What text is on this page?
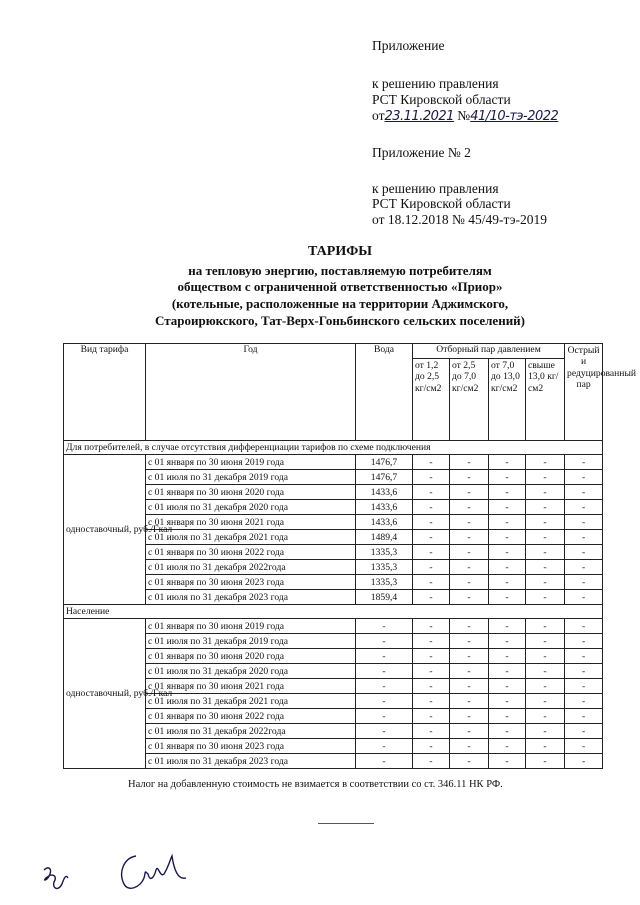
Приложение
к решению правления
РСТ Кировской области
от23.11.2021 №41/10-тэ-2022
Приложение № 2
к решению правления
РСТ Кировской области
от 18.12.2018 № 45/49-тэ-2019
ТАРИФЫ
на тепловую энергию, поставляемую потребителям
обществом с ограниченной ответственностью «Приор»
(котельные, расположенные на территории Аджимского,
Староирюкского, Тат-Верх-Гоньбинского сельских поселений)
Вид тарифа	Год	Вода	Отборный пар давлением				Острый и редуцированный пар
			от 1,2 до 2,5 кг/см2	от 2,5 до 7,0 кг/см2	от 7,0 до 13,0 кг/см2	свыше 13,0 кг/см2	
Для потребителей, в случае отсутствия дифференциации тарифов по схеме подключения							
одноставочный, руб./Гкал	с 01 января по 30 июня 2019 года	1476,7	-	-	-	-	-
	с 01 июля по 31 декабря 2019 года	1476,7	-	-	-	-	-
	с 01 января по 30 июня 2020 года	1433,6	-	-	-	-	-
	с 01 июля по 31 декабря 2020 года	1433,6	-	-	-	-	-
	с 01 января по 30 июня 2021 года	1433,6	-	-	-	-	-
	с 01 июля по 31 декабря 2021 года	1489,4	-	-	-	-	-
	с 01 января по 30 июня 2022 года	1335,3	-	-	-	-	-
	с 01 июля по 31 декабря 2022года	1335,3	-	-	-	-	-
	с 01 января по 30 июня 2023 года	1335,3	-	-	-	-	-
	с 01 июля по 31 декабря 2023 года	1859,4	-	-	-	-	-
Население							
одноставочный, руб./Гкал	с 01 января по 30 июня 2019 года	-	-	-	-	-	-
	с 01 июля по 31 декабря 2019 года	-	-	-	-	-	-
	с 01 января по 30 июня 2020 года	-	-	-	-	-	-
	с 01 июля по 31 декабря 2020 года	-	-	-	-	-	-
	с 01 января по 30 июня 2021 года	-	-	-	-	-	-
	с 01 июля по 31 декабря 2021 года	-	-	-	-	-	-
	с 01 января по 30 июня 2022 года	-	-	-	-	-	-
	с 01 июля по 31 декабря 2022года	-	-	-	-	-	-
	с 01 января по 30 июня 2023 года	-	-	-	-	-	-
	с 01 июля по 31 декабря 2023 года	-	-	-	-	-	-
Налог на добавленную стоимость не взимается в соответствии со ст. 346.11 НК РФ.
